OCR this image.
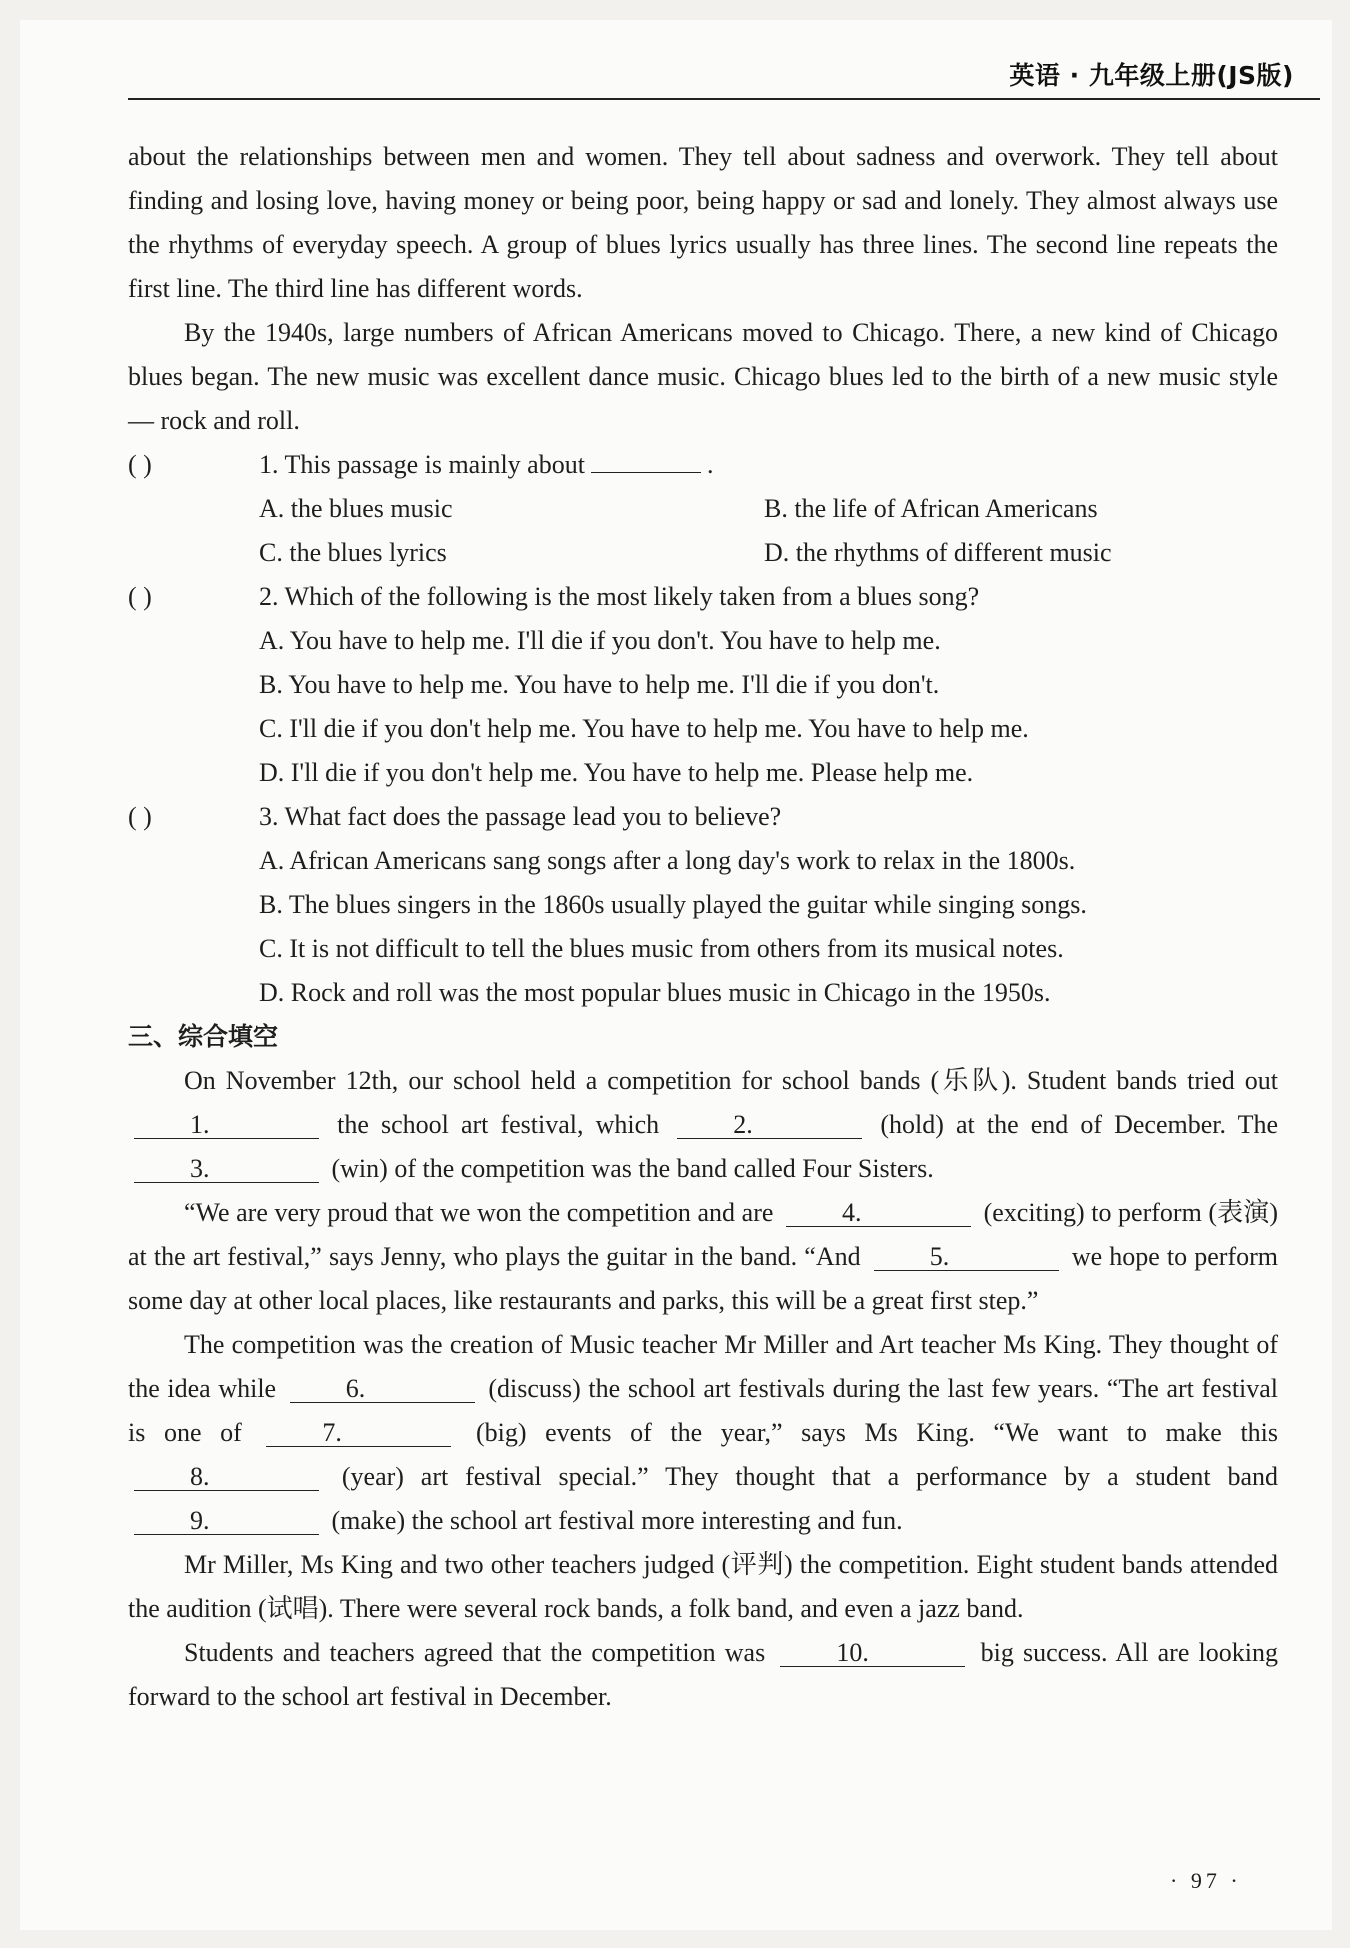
英语 · 九年级上册(JS版)
about the relationships between men and women. They tell about sadness and overwork. They tell about finding and losing love, having money or being poor, being happy or sad and lonely. They almost always use the rhythms of everyday speech. A group of blues lyrics usually has three lines. The second line repeats the first line. The third line has different words.
By the 1940s, large numbers of African Americans moved to Chicago. There, a new kind of Chicago blues began. The new music was excellent dance music. Chicago blues led to the birth of a new music style — rock and roll.
( )	1. This passage is mainly about	.
A. the blues music	B. the life of African Americans
C. the blues lyrics	D. the rhythms of different music
( )	2. Which of the following is the most likely taken from a blues song?
A. You have to help me. I'll die if you don't. You have to help me.
B. You have to help me. You have to help me. I'll die if you don't.
C. I'll die if you don't help me. You have to help me. You have to help me.
D. I'll die if you don't help me. You have to help me. Please help me.
( )	3. What fact does the passage lead you to believe?
A. African Americans sang songs after a long day's work to relax in the 1800s.
B. The blues singers in the 1860s usually played the guitar while singing songs.
C. It is not difficult to tell the blues music from others from its musical notes.
D. Rock and roll was the most popular blues music in Chicago in the 1950s.
三、综合填空
On November 12th, our school held a competition for school bands (乐队). Student bands tried out 1.	the school art festival, which	2.	(hold) at the end of December. The 3.	(win) of the competition was the band called Four Sisters.
“We are very proud that we won the competition and are	4.	(exciting) to perform (表演) at the art festival,” says Jenny, who plays the guitar in the band. “And	5.	we hope to perform some day at other local places, like restaurants and parks, this will be a great first step.”
The competition was the creation of Music teacher Mr Miller and Art teacher Ms King. They thought of the idea while	6.	(discuss) the school art festivals during the last few years. “The art festival is one of	7.	(big) events of the year,” says Ms King. “We want to make this 8.	(year) art festival special.” They thought that a performance by a student band 9.	(make) the school art festival more interesting and fun.
Mr Miller, Ms King and two other teachers judged (评判) the competition. Eight student bands attended the audition (试唱). There were several rock bands, a folk band, and even a jazz band.
Students and teachers agreed that the competition was	10.	big success. All are looking forward to the school art festival in December.
· 97 ·
